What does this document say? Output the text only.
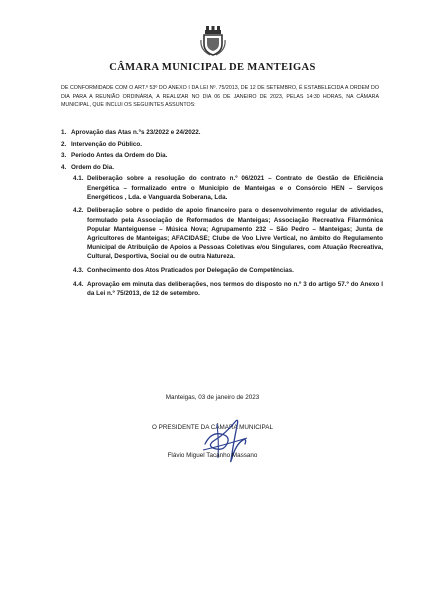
CÂMARA MUNICIPAL DE MANTEIGAS
DE CONFORMIDADE COM O ART.º 53º DO ANEXO I DA LEI Nº. 75/2013, DE 12 DE SETEMBRO, É ESTABELECIDA A ORDEM DO DIA PARA A REUNIÃO ORDINÁRIA, A REALIZAR NO DIA 06 DE JANEIRO DE 2023, PELAS 14:30 HORAS, NA CÂMARA MUNICIPAL, QUE INCLUI OS SEGUINTES ASSUNTOS:
1. Aprovação das Atas n.ºs 23/2022 e 24/2022.
2. Intervenção do Público.
3. Período Antes da Ordem do Dia.
4. Ordem do Dia.
4.1. Deliberação sobre a resolução do contrato n.º 06/2021 – Contrato de Gestão de Eficiência Energética – formalizado entre o Município de Manteigas e o Consórcio HEN – Serviços Energéticos , Lda. e Vanguarda Soberana, Lda.
4.2. Deliberação sobre o pedido de apoio financeiro para o desenvolvimento regular de atividades, formulado pela Associação de Reformados de Manteigas; Associação Recreativa Filarmónica Popular Manteiguense – Música Nova; Agrupamento 232 – São Pedro – Manteigas; Junta de Agricultores de Manteigas; AFACIDASE; Clube de Voo Livre Vertical, no âmbito do Regulamento Municipal de Atribuição de Apoios a Pessoas Coletivas e/ou Singulares, com Atuação Recreativa, Cultural, Desportiva, Social ou de outra Natureza.
4.3. Conhecimento dos Atos Praticados por Delegação de Competências.
4.4. Aprovação em minuta das deliberações, nos termos do disposto no n.º 3 do artigo 57.º do Anexo I da Lei n.º 75/2013, de 12 de setembro.
Manteigas, 03 de janeiro de 2023
O PRESIDENTE DA CÂMARA MUNICIPAL
Flávio Miguel Tacanho Massano
